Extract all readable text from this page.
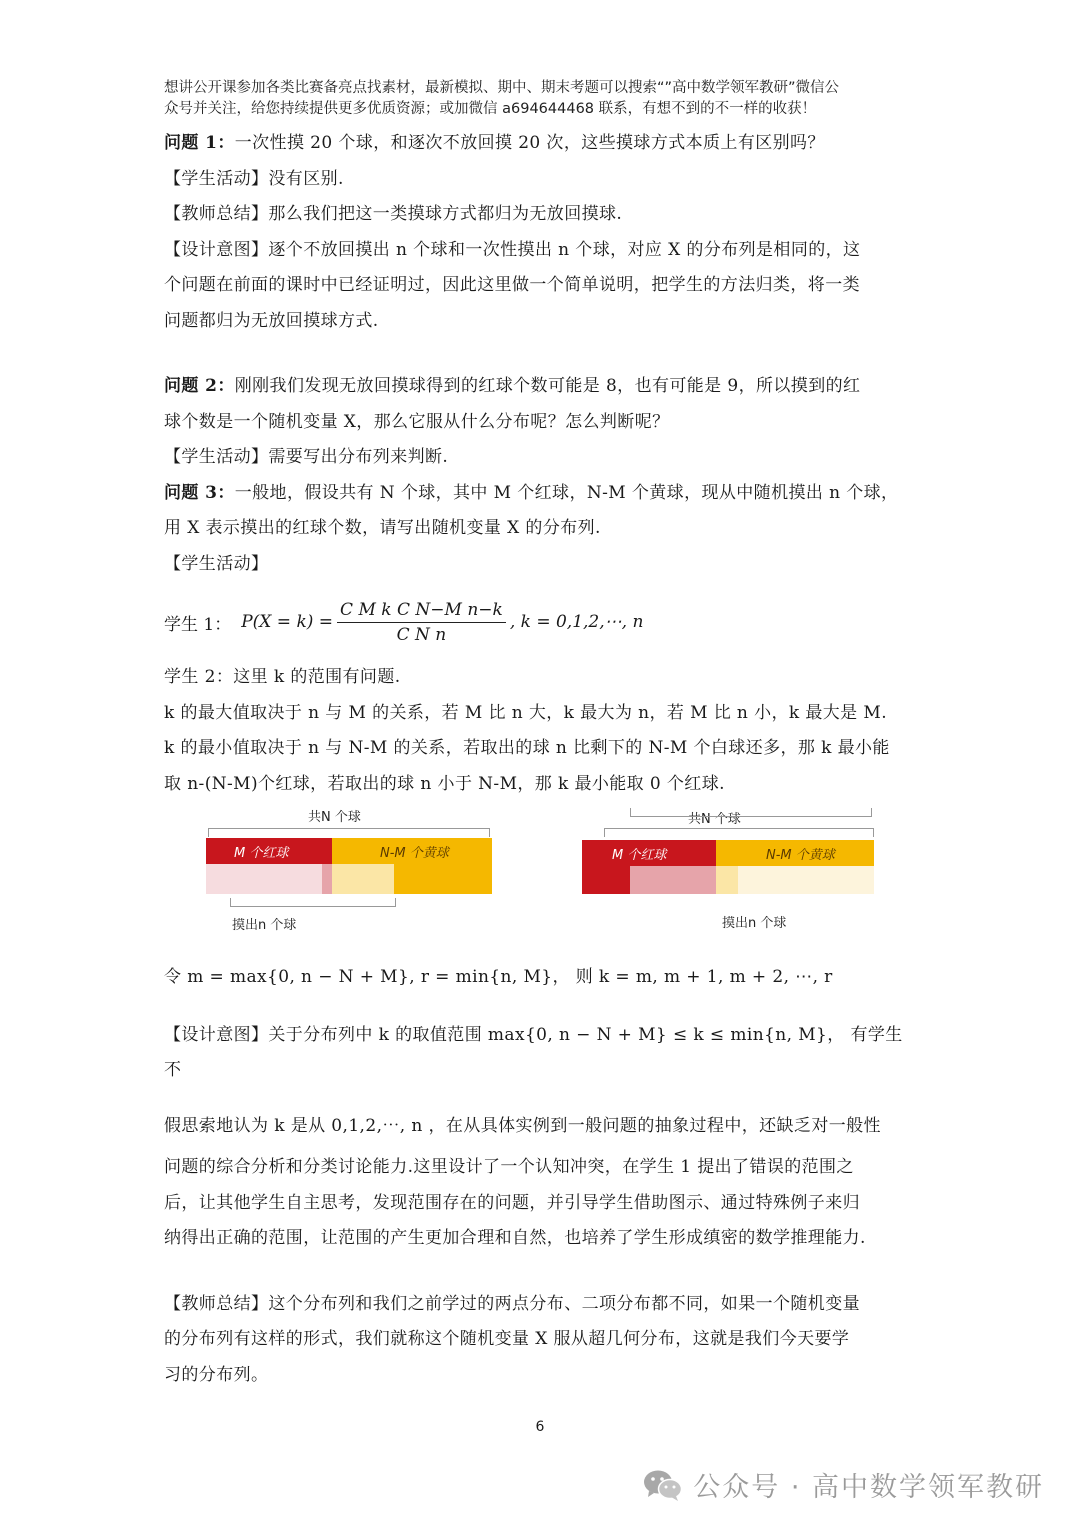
想讲公开课参加各类比赛备亮点找素材，最新模拟、期中、期末考题可以搜索“”高中数学领军教研”微信公
众号并关注，给您持续提供更多优质资源；或加微信 a694644468 联系，有想不到的不一样的收获！

问题 1：一次性摸 20 个球，和逐次不放回摸 20 次，这些摸球方式本质上有区别吗？

【学生活动】没有区别.

【教师总结】那么我们把这一类摸球方式都归为无放回摸球.

【设计意图】逐个不放回摸出 n 个球和一次性摸出 n 个球，对应 X 的分布列是相同的，这

个问题在前面的课时中已经证明过，因此这里做一个简单说明，把学生的方法归类，将一类

问题都归为无放回摸球方式.

问题 2：刚刚我们发现无放回摸球得到的红球个数可能是 8，也有可能是 9，所以摸到的红

球个数是一个随机变量 X，那么它服从什么分布呢？怎么判断呢？

【学生活动】需要写出分布列来判断.

问题 3：一般地，假设共有 N 个球，其中 M 个红球，N-M 个黄球，现从中随机摸出 n 个球，

用 X 表示摸出的红球个数，请写出随机变量 X 的分布列.

【学生活动】

学生 1： $P(X = k) = \frac{\text{C M k C N−M n−k}}{\text{C N n}}$ , k = 0,1,2,⋯, n

学生 2：这里 k 的范围有问题.

k 的最大值取决于 n 与 M 的关系，若 M 比 n 大，k 最大为 n，若 M 比 n 小，k 最大是 M.

k 的最小值取决于 n 与 N-M 的关系，若取出的球 n 比剩下的 N-M 个白球还多，那 k 最小能

取 n-(N-M)个红球，若取出的球 n 小于 N-M，那 k 最小能取 0 个红球.

共N 个球
M 个红球	N-M 个黄球
摸出n 个球
共N 个球
M 个红球	N-M 个黄球
摸出n 个球

令 m = max{0, n − N + M}, r = min{n, M}， 则 k = m, m + 1, m + 2, ⋯, r

【设计意图】关于分布列中 k 的取值范围 max{0, n − N + M} ≤ k ≤ min{n, M}， 有学生不

假思索地认为 k 是从 0,1,2,⋯, n ，在从具体实例到一般问题的抽象过程中，还缺乏对一般性

问题的综合分析和分类讨论能力.这里设计了一个认知冲突，在学生 1 提出了错误的范围之

后，让其他学生自主思考，发现范围存在的问题，并引导学生借助图示、通过特殊例子来归

纳得出正确的范围，让范围的产生更加合理和自然，也培养了学生形成缜密的数学推理能力.

【教师总结】这个分布列和我们之前学过的两点分布、二项分布都不同，如果一个随机变量

的分布列有这样的形式，我们就称这个随机变量 X 服从超几何分布，这就是我们今天要学

习的分布列。

6
公众号 · 高中数学领军教研
